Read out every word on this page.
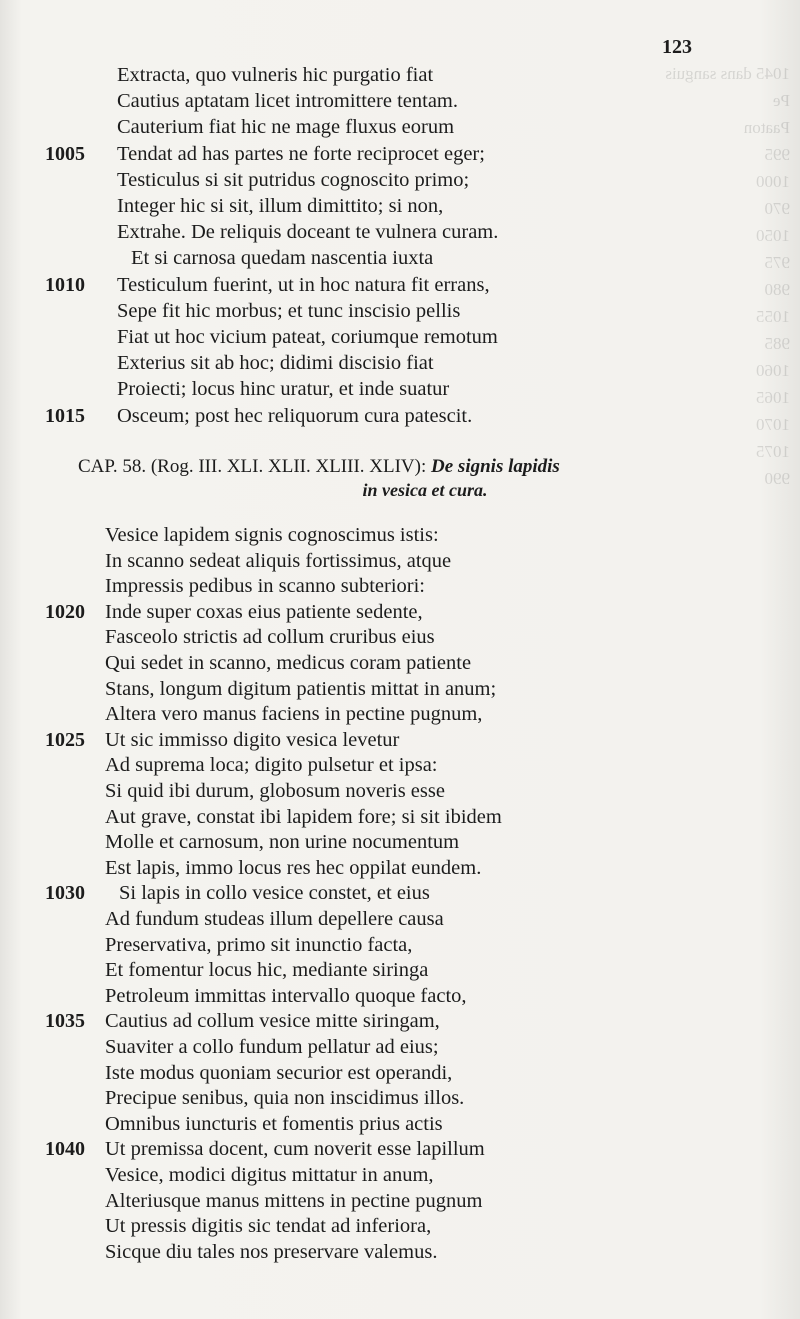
1045 dans sanguis
Pe
Paaton
995
1000
970
1050
975
980
1055
985
1060
1065
1070
1075
990
123
Extracta, quo vulneris hic purgatio fiat
Cautius aptatam licet intromittere tentam.
Cauterium fiat hic ne mage fluxus eorum
1005	Tendat ad has partes ne forte reciprocet eger;
Testiculus si sit putridus cognoscito primo;
Integer hic si sit, illum dimittito; si non,
Extrahe. De reliquis doceant te vulnera curam.
Et si carnosa quedam nascentia iuxta
1010	Testiculum fuerint, ut in hoc natura fit errans,
Sepe fit hic morbus; et tunc inscisio pellis
Fiat ut hoc vicium pateat, coriumque remotum
Exterius sit ab hoc; didimi discisio fiat
Proiecti; locus hinc uratur, et inde suatur
1015	Osceum; post hec reliquorum cura patescit.
CAP. 58. (Rog. III. XLI. XLII. XLIII. XLIV): De signis lapidis
in vesica et cura.
Vesice lapidem signis cognoscimus istis:
In scanno sedeat aliquis fortissimus, atque
Impressis pedibus in scanno subteriori:
1020 Inde super coxas eius patiente sedente,
Fasceolo strictis ad collum cruribus eius
Qui sedet in scanno, medicus coram patiente
Stans, longum digitum patientis mittat in anum;
Altera vero manus faciens in pectine pugnum,
1025 Ut sic immisso digito vesica levetur
Ad suprema loca; digito pulsetur et ipsa:
Si quid ibi durum, globosum noveris esse
Aut grave, constat ibi lapidem fore; si sit ibidem
Molle et carnosum, non urine nocumentum
Est lapis, immo locus res hec oppilat eundem.
1030	Si lapis in collo vesice constet, et eius
Ad fundum studeas illum depellere causa
Preservativa, primo sit inunctio facta,
Et fomentur locus hic, mediante siringa
Petroleum immittas intervallo quoque facto,
1035 Cautius ad collum vesice mitte siringam,
Suaviter a collo fundum pellatur ad eius;
Iste modus quoniam securior est operandi,
Precipue senibus, quia non inscidimus illos.
Omnibus iuncturis et fomentis prius actis
1040 Ut premissa docent, cum noverit esse lapillum
Vesice, modici digitus mittatur in anum,
Alteriusque manus mittens in pectine pugnum
Ut pressis digitis sic tendat ad inferiora,
Sicque diu tales nos preservare valemus.
